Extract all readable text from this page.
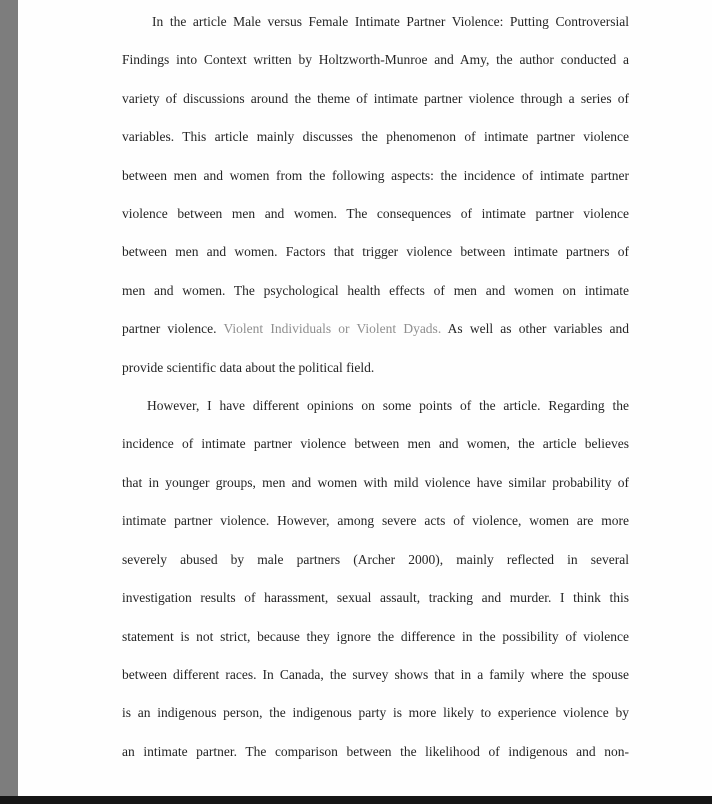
In the article Male versus Female Intimate Partner Violence: Putting Controversial
Findings into Context written by Holtzworth-Munroe and Amy, the author conducted a
variety of discussions around the theme of intimate partner violence through a series of
variables. This article mainly discusses the phenomenon of intimate partner violence
between men and women from the following aspects: the incidence of intimate partner
violence between men and women. The consequences of intimate partner violence
between men and women. Factors that trigger violence between intimate partners of
men and women. The psychological health effects of men and women on intimate
partner violence. Violent Individuals or Violent Dyads. As well as other variables and
provide scientific data about the political field.
However, I have different opinions on some points of the article. Regarding the
incidence of intimate partner violence between men and women, the article believes
that in younger groups, men and women with mild violence have similar probability of
intimate partner violence. However, among severe acts of violence, women are more
severely abused by male partners (Archer 2000), mainly reflected in several
investigation results of harassment, sexual assault, tracking and murder. I think this
statement is not strict, because they ignore the difference in the possibility of violence
between different races. In Canada, the survey shows that in a family where the spouse
is an indigenous person, the indigenous party is more likely to experience violence by
an intimate partner. The comparison between the likelihood of indigenous and non-
